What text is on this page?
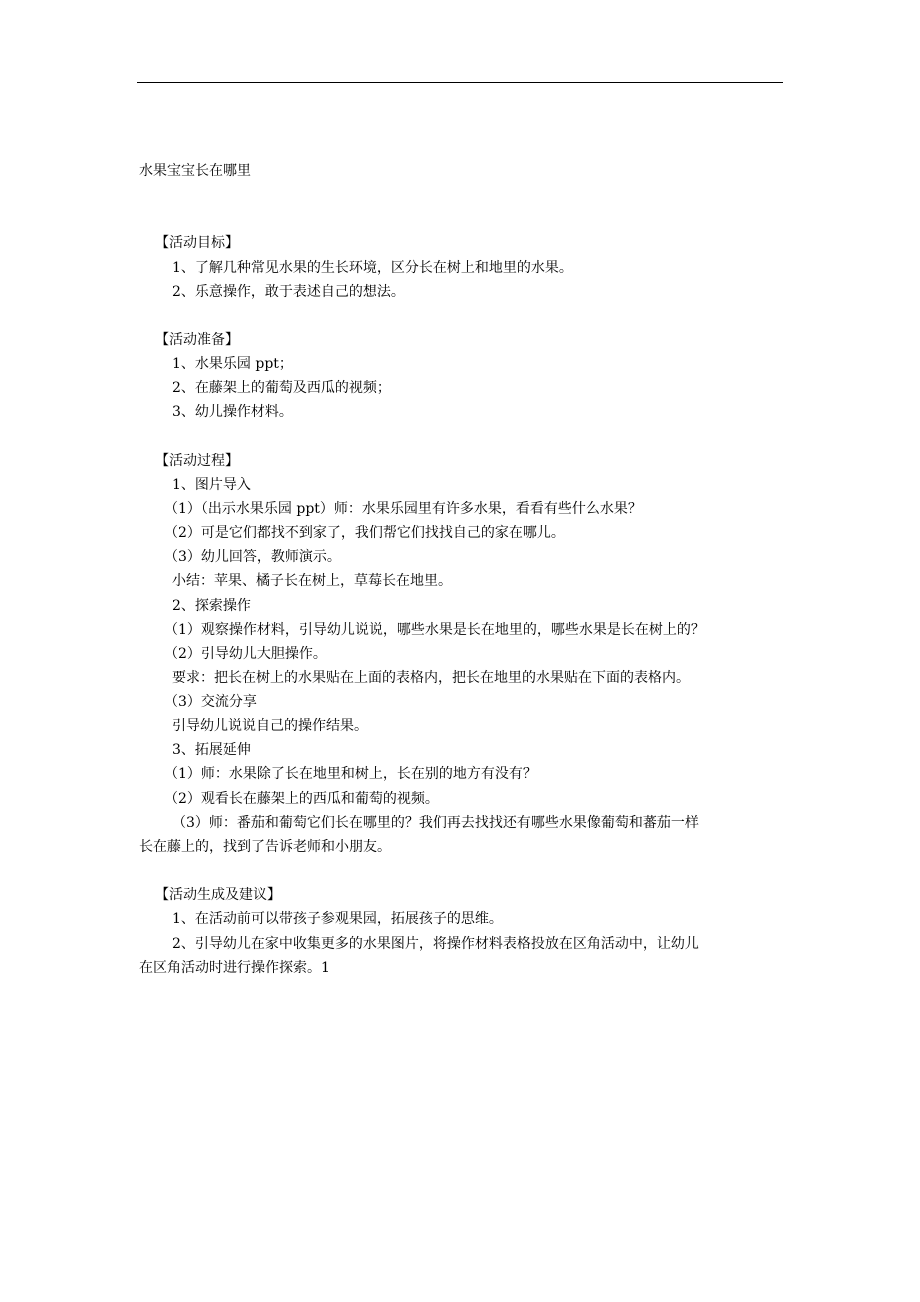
水果宝宝长在哪里
【活动目标】
1、了解几种常见水果的生长环境，区分长在树上和地里的水果。
2、乐意操作，敢于表述自己的想法。
【活动准备】
1、水果乐园 ppt；
2、在藤架上的葡萄及西瓜的视频；
3、幼儿操作材料。
【活动过程】
1、图片导入
（1）（出示水果乐园 ppt）师：水果乐园里有许多水果，看看有些什么水果？
（2）可是它们都找不到家了，我们帮它们找找自己的家在哪儿。
（3）幼儿回答，教师演示。
小结：苹果、橘子长在树上，草莓长在地里。
2、探索操作
（1）观察操作材料，引导幼儿说说，哪些水果是长在地里的，哪些水果是长在树上的？
（2）引导幼儿大胆操作。
要求：把长在树上的水果贴在上面的表格内，把长在地里的水果贴在下面的表格内。
（3）交流分享
引导幼儿说说自己的操作结果。
3、拓展延伸
（1）师：水果除了长在地里和树上，长在别的地方有没有？
（2）观看长在藤架上的西瓜和葡萄的视频。
（3）师：番茄和葡萄它们长在哪里的？我们再去找找还有哪些水果像葡萄和蕃茄一样
长在藤上的，找到了告诉老师和小朋友。
【活动生成及建议】
1、在活动前可以带孩子参观果园，拓展孩子的思维。
2、引导幼儿在家中收集更多的水果图片，将操作材料表格投放在区角活动中，让幼儿
在区角活动时进行操作探索。1
